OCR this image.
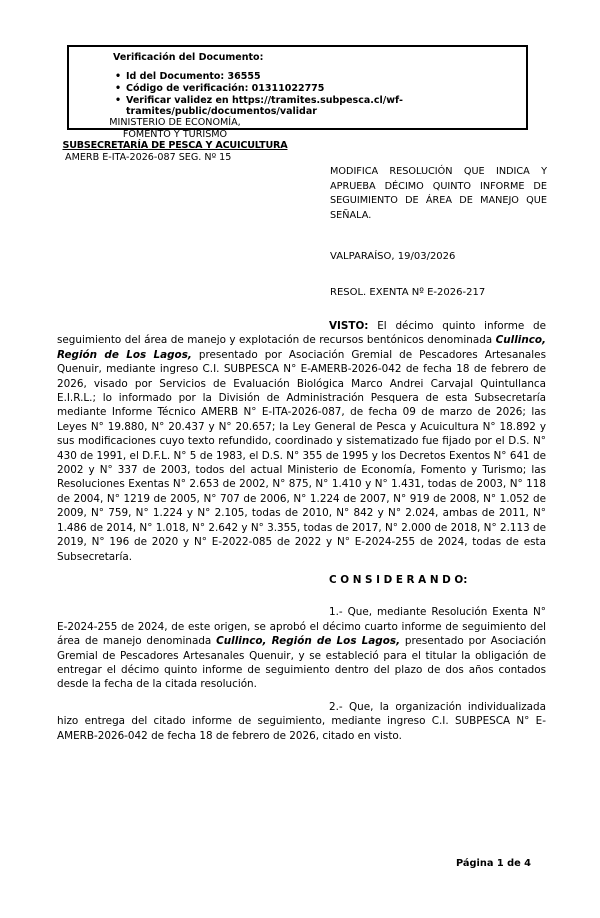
Verificación del Documento:
• Id del Documento: 36555
• Código de verificación: 01311022775
• Verificar validez en https://tramites.subpesca.cl/wf-tramites/public/documentos/validar
MINISTERIO DE ECONOMÍA,
FOMENTO Y TURISMO
SUBSECRETARÍA DE PESCA Y ACUICULTURA
AMERB E-ITA-2026-087 SEG. Nº 15
MODIFICA RESOLUCIÓN QUE INDICA Y APRUEBA DÉCIMO QUINTO INFORME DE SEGUIMIENTO DE ÁREA DE MANEJO QUE SEÑALA.
VALPARAÍSO, 19/03/2026
RESOL. EXENTA Nº E-2026-217

VISTO: El décimo quinto informe de seguimiento del área de manejo y explotación de recursos bentónicos denominada Cullinco, Región de Los Lagos, presentado por Asociación Gremial de Pescadores Artesanales Quenuir, mediante ingreso C.I. SUBPESCA N° E-AMERB-2026-042 de fecha 18 de febrero de 2026, visado por Servicios de Evaluación Biológica Marco Andrei Carvajal Quintullanca E.I.R.L.; lo informado por la División de Administración Pesquera de esta Subsecretaría mediante Informe Técnico AMERB N° E-ITA-2026-087, de fecha 09 de marzo de 2026; las Leyes N° 19.880, N° 20.437 y N° 20.657; la Ley General de Pesca y Acuicultura N° 18.892 y sus modificaciones cuyo texto refundido, coordinado y sistematizado fue fijado por el D.S. N° 430 de 1991, el D.F.L. N° 5 de 1983, el D.S. N° 355 de 1995 y los Decretos Exentos N° 641 de 2002 y N° 337 de 2003, todos del actual Ministerio de Economía, Fomento y Turismo; las Resoluciones Exentas N° 2.653 de 2002, N° 875, N° 1.410 y N° 1.431, todas de 2003, N° 118 de 2004, N° 1219 de 2005, N° 707 de 2006, N° 1.224 de 2007, N° 919 de 2008, N° 1.052 de 2009, N° 759, N° 1.224 y N° 2.105, todas de 2010, N° 842 y N° 2.024, ambas de 2011, N° 1.486 de 2014, N° 1.018, N° 2.642 y N° 3.355, todas de 2017, N° 2.000 de 2018, N° 2.113 de 2019, N° 196 de 2020 y N° E-2022-085 de 2022 y N° E-2024-255 de 2024, todas de esta Subsecretaría.

C O N S I D E R A N D O:

1.- Que, mediante Resolución Exenta N° E-2024-255 de 2024, de este origen, se aprobó el décimo cuarto informe de seguimiento del área de manejo denominada Cullinco, Región de Los Lagos, presentado por Asociación Gremial de Pescadores Artesanales Quenuir, y se estableció para el titular la obligación de entregar el décimo quinto informe de seguimiento dentro del plazo de dos años contados desde la fecha de la citada resolución.

2.- Que, la organización individualizada hizo entrega del citado informe de seguimiento, mediante ingreso C.I. SUBPESCA N° E-AMERB-2026-042 de fecha 18 de febrero de 2026, citado en visto.

Página 1 de 4
